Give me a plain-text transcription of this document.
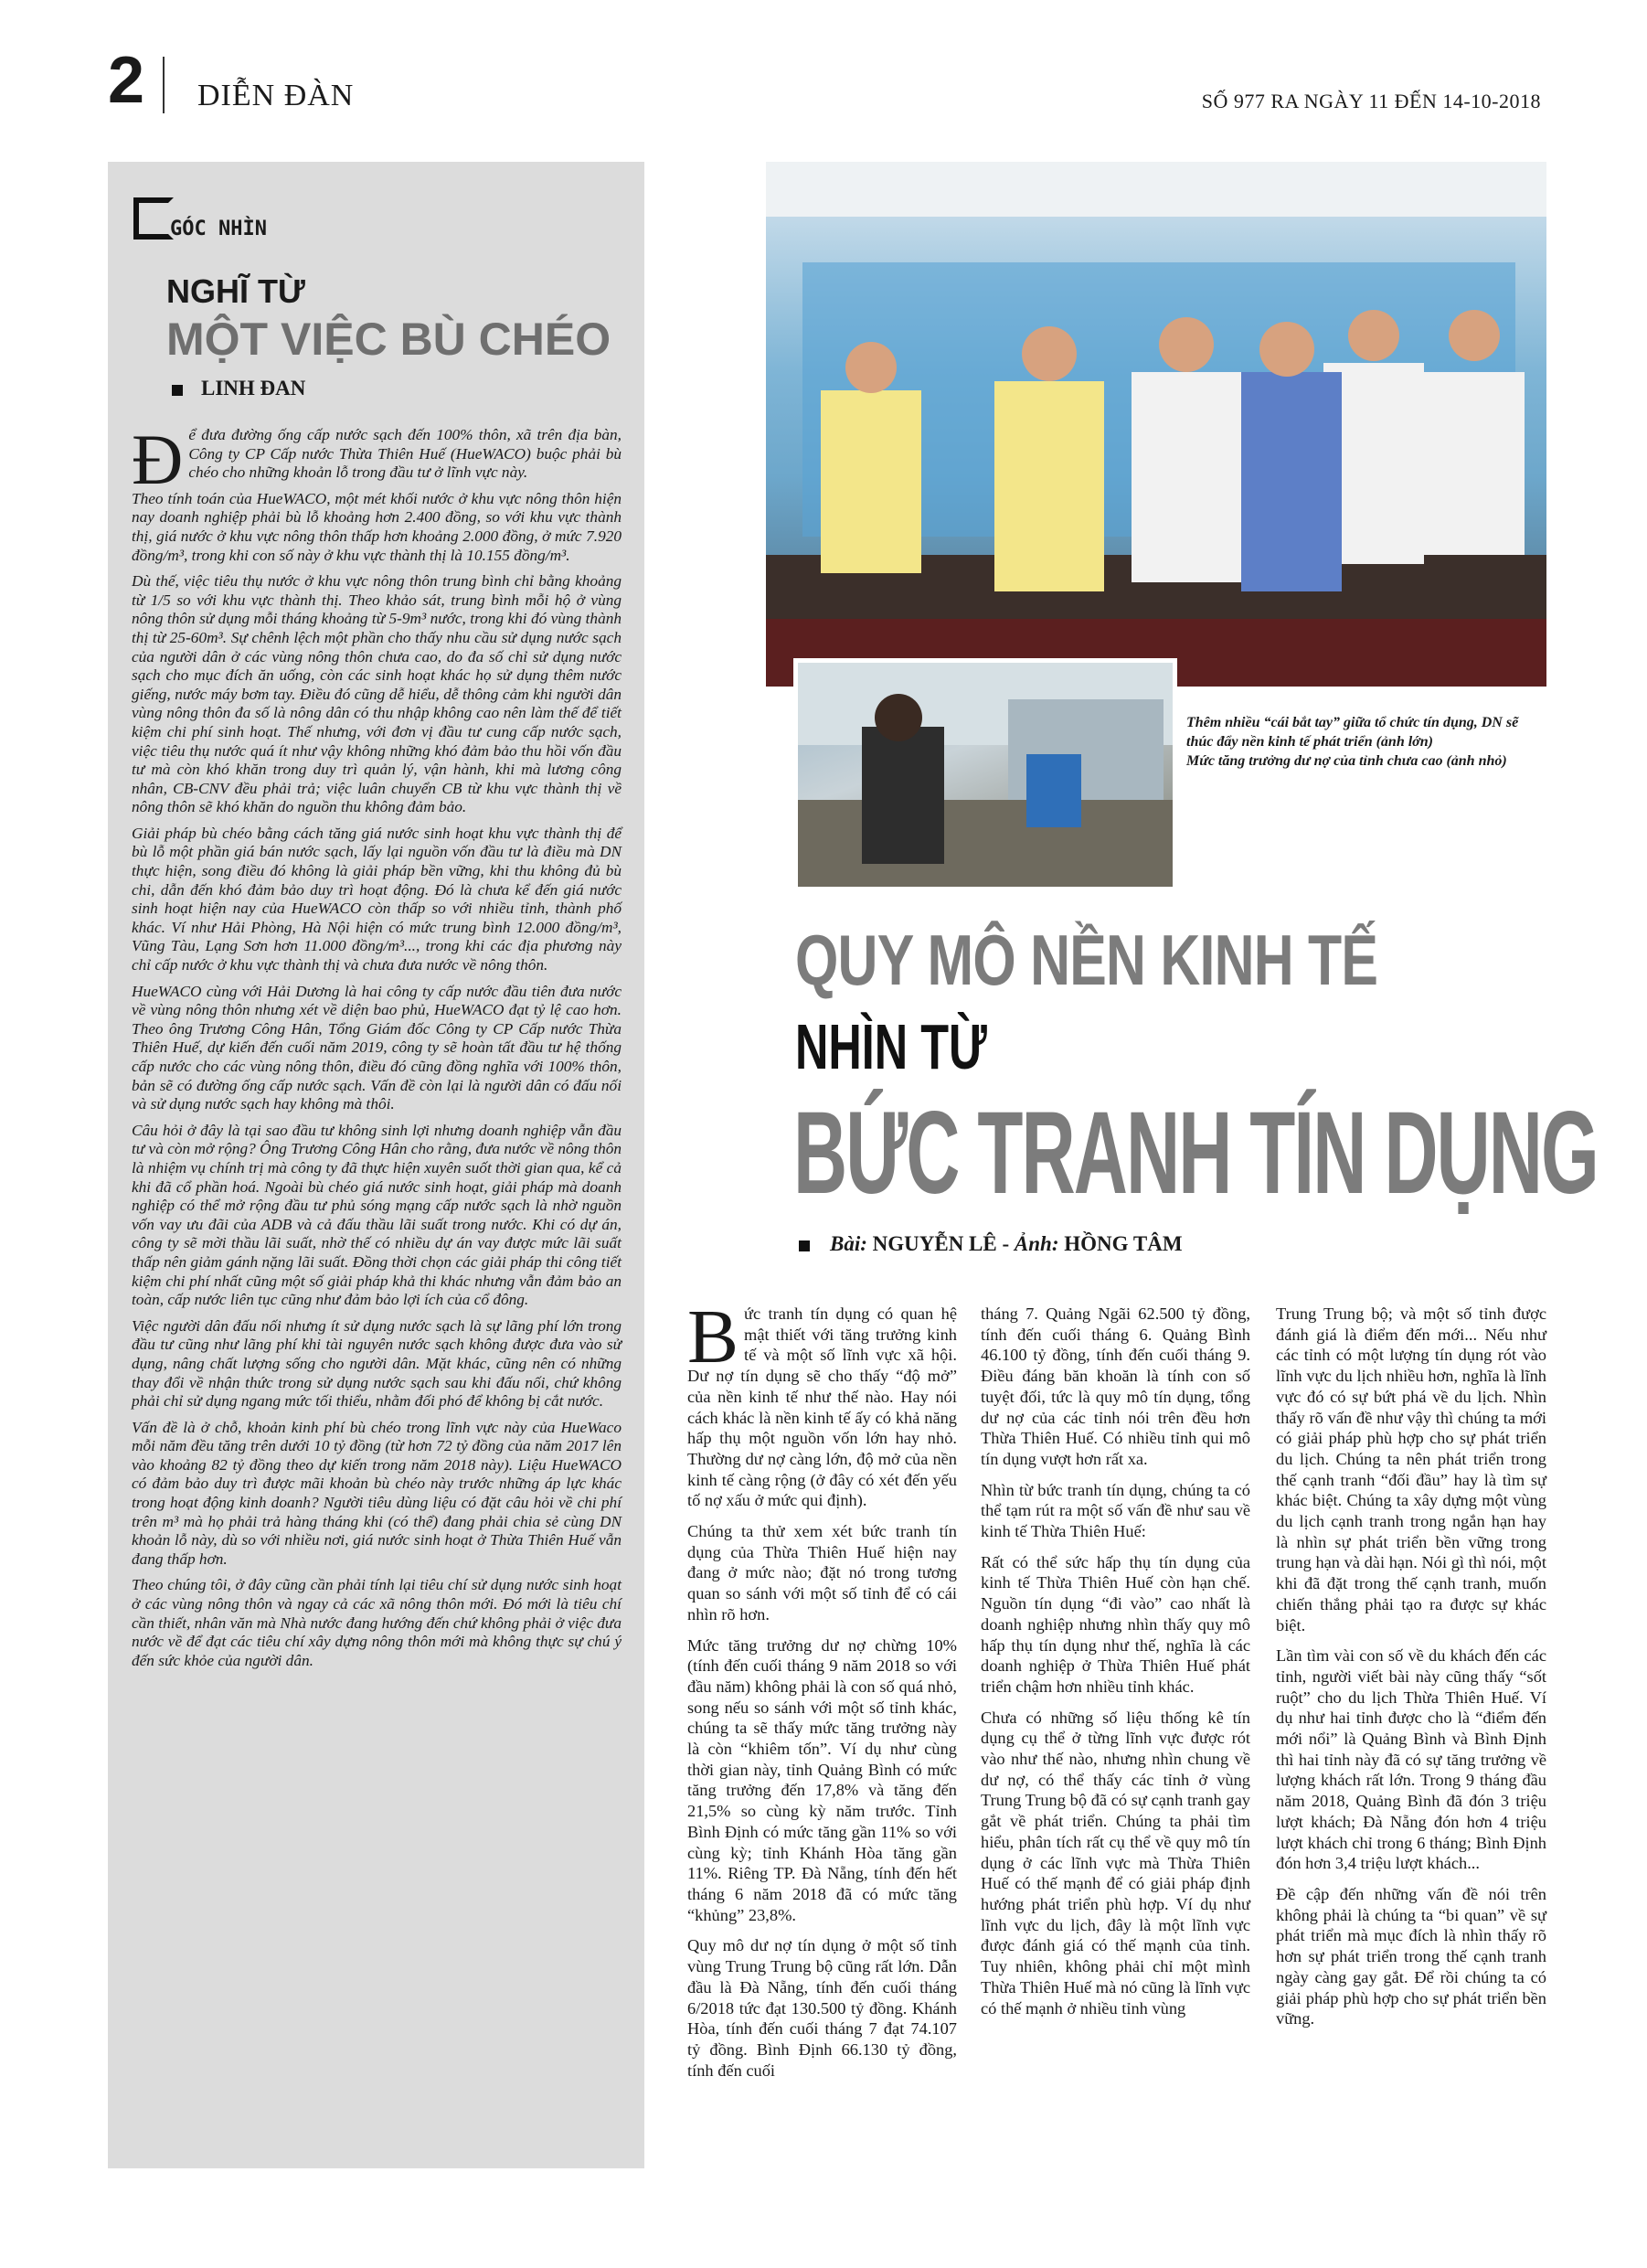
2 DIỄN ĐÀN	SỐ 977 RA NGÀY 11 ĐẾN 14-10-2018
GÓC NHÌN
NGHĨ TỪ
MỘT VIỆC BÙ CHÉO
LINH ĐAN

Để đưa đường ống cấp nước sạch đến 100% thôn, xã trên địa bàn, Công ty CP Cấp nước Thừa Thiên Huế (HueWACO) buộc phải bù chéo cho những khoản lỗ trong đầu tư ở lĩnh vực này.

Theo tính toán của HueWACO, một mét khối nước ở khu vực nông thôn hiện nay doanh nghiệp phải bù lỗ khoảng hơn 2.400 đồng, so với khu vực thành thị, giá nước ở khu vực nông thôn thấp hơn khoảng 2.000 đồng, ở mức 7.920 đồng/m³, trong khi con số này ở khu vực thành thị là 10.155 đồng/m³.

Dù thế, việc tiêu thụ nước ở khu vực nông thôn trung bình chỉ bằng khoảng từ 1/5 so với khu vực thành thị. Theo khảo sát, trung bình mỗi hộ ở vùng nông thôn sử dụng mỗi tháng khoảng từ 5-9m³ nước, trong khi đó vùng thành thị từ 25-60m³. Sự chênh lệch một phần cho thấy nhu cầu sử dụng nước sạch của người dân ở các vùng nông thôn chưa cao, do đa số chỉ sử dụng nước sạch cho mục đích ăn uống, còn các sinh hoạt khác họ sử dụng thêm nước giếng, nước máy bơm tay. Điều đó cũng dễ hiểu, dễ thông cảm khi người dân vùng nông thôn đa số là nông dân có thu nhập không cao nên làm thế để tiết kiệm chi phí sinh hoạt. Thế nhưng, với đơn vị đầu tư cung cấp nước sạch, việc tiêu thụ nước quá ít như vậy không những khó đảm bảo thu hồi vốn đầu tư mà còn khó khăn trong duy trì quản lý, vận hành, khi mà lương công nhân, CB-CNV đều phải trả; việc luân chuyển CB từ khu vực thành thị về nông thôn sẽ khó khăn do nguồn thu không đảm bảo.

Giải pháp bù chéo bằng cách tăng giá nước sinh hoạt khu vực thành thị để bù lỗ một phần giá bán nước sạch, lấy lại nguồn vốn đầu tư là điều mà DN thực hiện, song điều đó không là giải pháp bền vững, khi thu không đủ bù chi, dẫn đến khó đảm bảo duy trì hoạt động. Đó là chưa kể đến giá nước sinh hoạt hiện nay của HueWACO còn thấp so với nhiều tỉnh, thành phố khác. Ví như Hải Phòng, Hà Nội hiện có mức trung bình 12.000 đồng/m³, Vũng Tàu, Lạng Sơn hơn 11.000 đồng/m³..., trong khi các địa phương này chỉ cấp nước ở khu vực thành thị và chưa đưa nước về nông thôn.

HueWACO cùng với Hải Dương là hai công ty cấp nước đầu tiên đưa nước về vùng nông thôn nhưng xét về diện bao phủ, HueWACO đạt tỷ lệ cao hơn. Theo ông Trương Công Hân, Tổng Giám đốc Công ty CP Cấp nước Thừa Thiên Huế, dự kiến đến cuối năm 2019, công ty sẽ hoàn tất đầu tư hệ thống cấp nước cho các vùng nông thôn, điều đó cũng đồng nghĩa với 100% thôn, bản sẽ có đường ống cấp nước sạch. Vấn đề còn lại là người dân có đấu nối và sử dụng nước sạch hay không mà thôi.

Câu hỏi ở đây là tại sao đầu tư không sinh lợi nhưng doanh nghiệp vẫn đầu tư và còn mở rộng? Ông Trương Công Hân cho rằng, đưa nước về nông thôn là nhiệm vụ chính trị mà công ty đã thực hiện xuyên suốt thời gian qua, kể cả khi đã cổ phần hoá. Ngoài bù chéo giá nước sinh hoạt, giải pháp mà doanh nghiệp có thể mở rộng đầu tư phủ sóng mạng cấp nước sạch là nhờ nguồn vốn vay ưu đãi của ADB và cả đấu thầu lãi suất trong nước. Khi có dự án, công ty sẽ mời thầu lãi suất, nhờ thế có nhiều dự án vay được mức lãi suất thấp nên giảm gánh nặng lãi suất. Đồng thời chọn các giải pháp thi công tiết kiệm chi phí nhất cũng một số giải pháp khả thi khác nhưng vẫn đảm bảo an toàn, cấp nước liên tục cũng như đảm bảo lợi ích của cổ đông.

Việc người dân đấu nối nhưng ít sử dụng nước sạch là sự lãng phí lớn trong đầu tư cũng như lãng phí khi tài nguyên nước sạch không được đưa vào sử dụng, nâng chất lượng sống cho người dân. Mặt khác, cũng nên có những thay đổi về nhận thức trong sử dụng nước sạch sau khi đấu nối, chứ không phải chỉ sử dụng ngang mức tối thiểu, nhằm đối phó để không bị cắt nước.

Vấn đề là ở chỗ, khoản kinh phí bù chéo trong lĩnh vực này của HueWaco mỗi năm đều tăng trên dưới 10 tỷ đồng (từ hơn 72 tỷ đồng của năm 2017 lên vào khoảng 82 tỷ đồng theo dự kiến trong năm 2018 này). Liệu HueWACO có đảm bảo duy trì được mãi khoản bù chéo này trước những áp lực khác trong hoạt động kinh doanh? Người tiêu dùng liệu có đặt câu hỏi về chi phí trên m³ mà họ phải trả hàng tháng khi (có thể) đang phải chia sẻ cùng DN khoản lỗ này, dù so với nhiều nơi, giá nước sinh hoạt ở Thừa Thiên Huế vẫn đang thấp hơn.

Theo chúng tôi, ở đây cũng cần phải tính lại tiêu chí sử dụng nước sinh hoạt ở các vùng nông thôn và ngay cả các xã nông thôn mới. Đó mới là tiêu chí cần thiết, nhân văn mà Nhà nước đang hướng đến chứ không phải ở việc đưa nước về để đạt các tiêu chí xây dựng nông thôn mới mà không thực sự chú ý đến sức khỏe của người dân.

Thêm nhiều “cái bắt tay” giữa tổ chức tín dụng, DN sẽ thúc đẩy nền kinh tế phát triển (ảnh lớn)
Mức tăng trưởng dư nợ của tỉnh chưa cao (ảnh nhỏ)
QUY MÔ NỀN KINH TẾ
NHÌN TỪ
BỨC TRANH TÍN DỤNG
Bài: NGUYỄN LÊ - Ảnh: HỒNG TÂM

Bức tranh tín dụng có quan hệ mật thiết với tăng trưởng kinh tế và một số lĩnh vực xã hội. Dư nợ tín dụng sẽ cho thấy “độ mở” của nền kinh tế như thế nào. Hay nói cách khác là nền kinh tế ấy có khả năng hấp thụ một nguồn vốn lớn hay nhỏ. Thường dư nợ càng lớn, độ mở của nền kinh tế càng rộng (ở đây có xét đến yếu tố nợ xấu ở mức qui định).

Chúng ta thử xem xét bức tranh tín dụng của Thừa Thiên Huế hiện nay đang ở mức nào; đặt nó trong tương quan so sánh với một số tỉnh để có cái nhìn rõ hơn.

Mức tăng trưởng dư nợ chừng 10% (tính đến cuối tháng 9 năm 2018 so với đầu năm) không phải là con số quá nhỏ, song nếu so sánh với một số tỉnh khác, chúng ta sẽ thấy mức tăng trưởng này là còn “khiêm tốn”. Ví dụ như cùng thời gian này, tỉnh Quảng Bình có mức tăng trưởng đến 17,8% và tăng đến 21,5% so cùng kỳ năm trước. Tỉnh Bình Định có mức tăng gần 11% so với cùng kỳ; tỉnh Khánh Hòa tăng gần 11%. Riêng TP. Đà Nẵng, tính đến hết tháng 6 năm 2018 đã có mức tăng “khủng” 23,8%.

Quy mô dư nợ tín dụng ở một số tỉnh vùng Trung Trung bộ cũng rất lớn. Dẫn đầu là Đà Nẵng, tính đến cuối tháng 6/2018 tức đạt 130.500 tỷ đồng. Khánh Hòa, tính đến cuối tháng 7 đạt 74.107 tỷ đồng. Bình Định 66.130 tỷ đồng, tính đến cuối

tháng 7. Quảng Ngãi 62.500 tỷ đồng, tính đến cuối tháng 6. Quảng Bình 46.100 tỷ đồng, tính đến cuối tháng 9. Điều đáng băn khoăn là tính con số tuyệt đối, tức là quy mô tín dụng, tổng dư nợ của các tỉnh nói trên đều hơn Thừa Thiên Huế. Có nhiều tỉnh qui mô tín dụng vượt hơn rất xa.

Nhìn từ bức tranh tín dụng, chúng ta có thể tạm rút ra một số vấn đề như sau về kinh tế Thừa Thiên Huế:

Rất có thể sức hấp thụ tín dụng của kinh tế Thừa Thiên Huế còn hạn chế. Nguồn tín dụng “đi vào” cao nhất là doanh nghiệp nhưng nhìn thấy quy mô hấp thụ tín dụng như thế, nghĩa là các doanh nghiệp ở Thừa Thiên Huế phát triển chậm hơn nhiều tỉnh khác.

Chưa có những số liệu thống kê tín dụng cụ thể ở từng lĩnh vực được rót vào như thế nào, nhưng nhìn chung về dư nợ, có thể thấy các tỉnh ở vùng Trung Trung bộ đã có sự cạnh tranh gay gắt về phát triển. Chúng ta phải tìm hiểu, phân tích rất cụ thể về quy mô tín dụng ở các lĩnh vực mà Thừa Thiên Huế có thế mạnh để có giải pháp định hướng phát triển phù hợp. Ví dụ như lĩnh vực du lịch, đây là một lĩnh vực được đánh giá có thế mạnh của tỉnh. Tuy nhiên, không phải chỉ một mình Thừa Thiên Huế mà nó cũng là lĩnh vực có thế mạnh ở nhiều tỉnh vùng

Trung Trung bộ; và một số tỉnh được đánh giá là điểm đến mới... Nếu như các tỉnh có một lượng tín dụng rót vào lĩnh vực du lịch nhiều hơn, nghĩa là lĩnh vực đó có sự bứt phá về du lịch. Nhìn thấy rõ vấn đề như vậy thì chúng ta mới có giải pháp phù hợp cho sự phát triển du lịch. Chúng ta nên phát triển trong thế cạnh tranh “đối đầu” hay là tìm sự khác biệt. Chúng ta xây dựng một vùng du lịch cạnh tranh trong ngắn hạn hay là nhìn sự phát triển bền vững trong trung hạn và dài hạn. Nói gì thì nói, một khi đã đặt trong thế cạnh tranh, muốn chiến thắng phải tạo ra được sự khác biệt.

Lần tìm vài con số về du khách đến các tỉnh, người viết bài này cũng thấy “sốt ruột” cho du lịch Thừa Thiên Huế. Ví dụ như hai tỉnh được cho là “điểm đến mới nổi” là Quảng Bình và Bình Định thì hai tỉnh này đã có sự tăng trưởng về lượng khách rất lớn. Trong 9 tháng đầu năm 2018, Quảng Bình đã đón 3 triệu lượt khách; Đà Nẵng đón hơn 4 triệu lượt khách chỉ trong 6 tháng; Bình Định đón hơn 3,4 triệu lượt khách...

Đề cập đến những vấn đề nói trên không phải là chúng ta “bi quan” về sự phát triển mà mục đích là nhìn thấy rõ hơn sự phát triển trong thế cạnh tranh ngày càng gay gắt. Để rồi chúng ta có giải pháp phù hợp cho sự phát triển bền vững.
